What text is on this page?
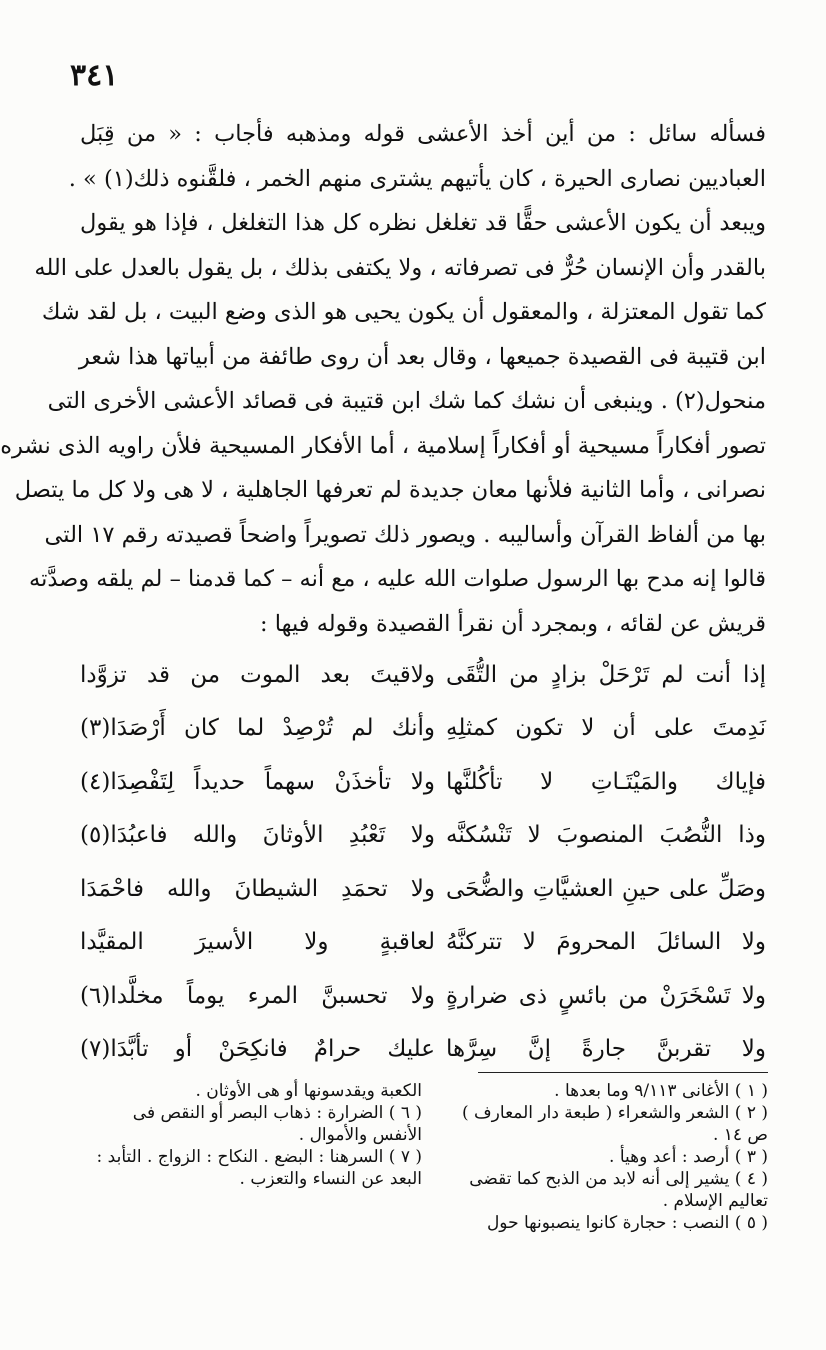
٣٤١

فسأله سائل : من أين أخذ الأعشى قوله ومذهبه فأجاب : « من قِبَل

العباديين نصارى الحيرة ، كان يأتيهم يشترى منهم الخمر ، فلقَّنوه ذلك(١) » .

ويبعد أن يكون الأعشى حقًّا قد تغلغل نظره كل هذا التغلغل ، فإذا هو يقول

بالقدر وأن الإنسان حُرٌّ فى تصرفاته ، ولا يكتفى بذلك ، بل يقول بالعدل على الله

كما تقول المعتزلة ، والمعقول أن يكون يحيى هو الذى وضع البيت ، بل لقد شك

ابن قتيبة فى القصيدة جميعها ، وقال بعد أن روى طائفة من أبياتها هذا شعر

منحول(٢) . وينبغى أن نشك كما شك ابن قتيبة فى قصائد الأعشى الأخرى التى

تصور أفكاراً مسيحية أو أفكاراً إسلامية ، أما الأفكار المسيحية فلأن راويه الذى نشره

نصرانى ، وأما الثانية فلأنها معان جديدة لم تعرفها الجاهلية ، لا هى ولا كل ما يتصل

بها من ألفاظ القرآن وأساليبه . ويصور ذلك تصويراً واضحاً قصيدته رقم ١٧ التى

قالوا إنه مدح بها الرسول صلوات الله عليه ، مع أنه – كما قدمنا – لم يلقه وصدَّته

قريش عن لقائه ، وبمجرد أن نقرأ القصيدة وقوله فيها :

إذا أنت لم تَرْحَلْ بزادٍ من التُّقَى
ولاقيتَ بعد الموت من قد تزوَّدا
نَدِمتَ على أن لا تكون كمثلِهِ
وأنك لم تُرْصِدْ لما كان أَرْصَدَا(٣)
فإياك والمَيْتَـاتِ لا تأكُلنَّها
ولا تأخذَنْ سهماً حديداً لِتَفْصِدَا(٤)
وذا النُّصُبَ المنصوبَ لا تَنْسُكنَّه
ولا تَعْبُدِ الأوثانَ والله فاعبُدَا(٥)
وصَلِّ على حينِ العشيَّاتِ والضُّحَى
ولا تحمَدِ الشيطانَ والله فاحْمَدَا
ولا السائلَ المحرومَ لا تتركنَّهُ
لعاقبةٍ ولا الأسيرَ المقيَّدا
ولا تَسْخَرَنْ من بائسٍ ذى ضرارةٍ
ولا تحسبنَّ المرء يوماً مخلَّدا(٦)
ولا تقربنَّ جارةً إنَّ سِرَّها
عليك حرامٌ فانكِحَنْ أو تأبَّدَا(٧)

( ١ ) الأغانى ٩/١١٣ وما بعدها .

( ٢ ) الشعر والشعراء ( طبعة دار المعارف ) ص ١٤ .

( ٣ ) أرصد : أعد وهيأ .

( ٤ ) يشير إلى أنه لابد من الذبح كما تقضى تعاليم الإسلام .

( ٥ ) النصب : حجارة كانوا ينصبونها حول

الكعبة ويقدسونها أو هى الأوثان .

( ٦ ) الضرارة : ذهاب البصر أو النقص فى الأنفس والأموال .

( ٧ ) السرهنا : البضع . النكاح : الزواج . التأبد : البعد عن النساء والتعزب .
